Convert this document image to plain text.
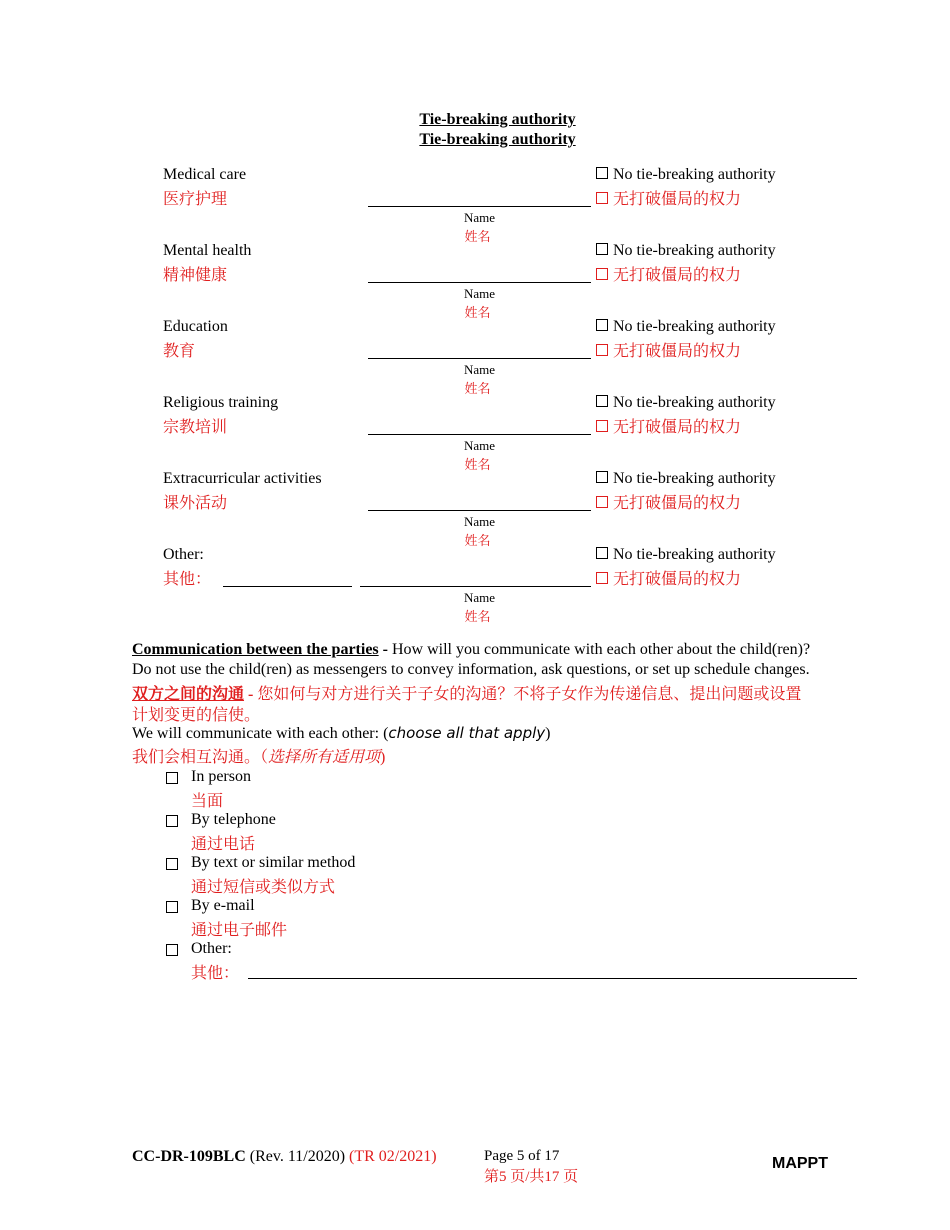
Tie-breaking authority
Tie-breaking authority
Medical care
医疗护理
Name
姓名
No tie-breaking authority
无打破僵局的权力
Mental health
精神健康
Name
姓名
No tie-breaking authority
无打破僵局的权力
Education
教育
Name
姓名
No tie-breaking authority
无打破僵局的权力
Religious training
宗教培训
Name
姓名
No tie-breaking authority
无打破僵局的权力
Extracurricular activities
课外活动
Name
姓名
No tie-breaking authority
无打破僵局的权力
Other:
其他：
Name
姓名
No tie-breaking authority
无打破僵局的权力
Communication between the parties - How will you communicate with each other about the child(ren)?
Do not use the child(ren) as messengers to convey information, ask questions, or set up schedule changes.
双方之间的沟通 - 您如何与对方进行关于子女的沟通？不将子女作为传递信息、提出问题或设置
计划变更的信使。
We will communicate with each other: (choose all that apply)
我们会相互沟通。（选择所有适用项)
In person
当面
By telephone
通过电话
By text or similar method
通过短信或类似方式
By e-mail
通过电子邮件
Other:
其他：
CC-DR-109BLC (Rev. 11/2020) (TR 02/2021)	Page 5 of 17
第5 页/共17 页
MAPPT
